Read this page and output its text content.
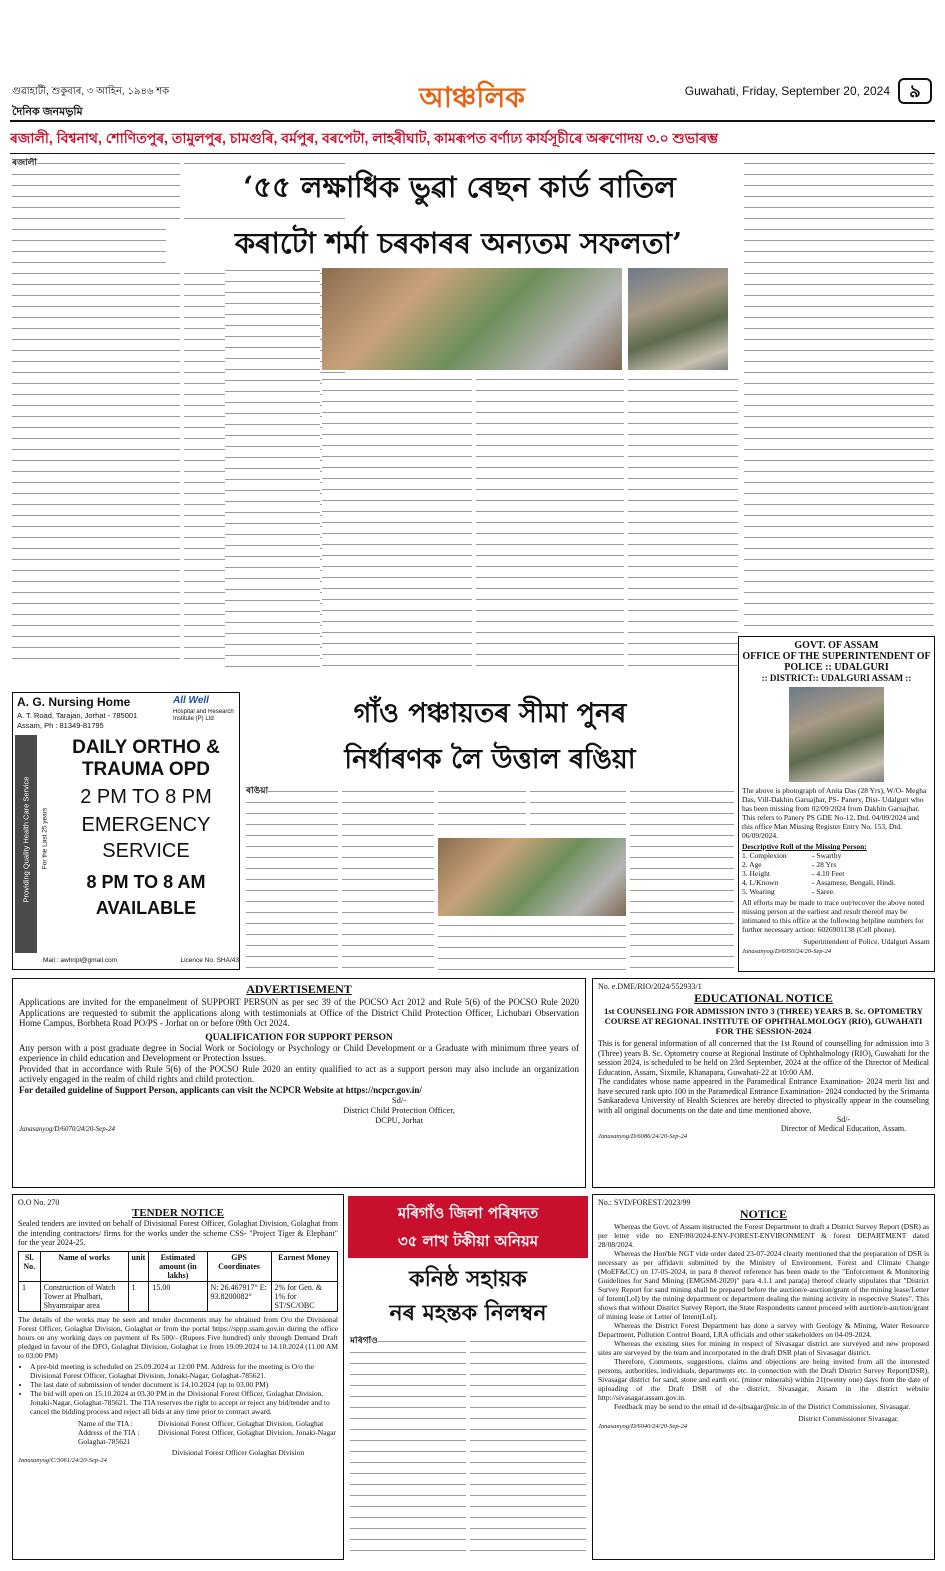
গুৱাহাটী, শুকুবাৰ, ৩ আহিন, ১৯৪৬ শক
দৈনিক জনমভূমি	আঞ্চলিক	Guwahati, Friday, September 20, 2024	৯
ৰজালী, বিশ্বনাথ, শোণিতপুৰ, তামুলপুৰ, চামগুৰি, বৰ্মপুৰ, বৰপেটা, লাহৰীঘাট, কামৰূপত বৰ্ণাঢ্য কাৰ্যসূচীৰে অৰুণোদয় ৩.০ শুভাৰম্ভ
ৰজালী
‘৫৫ লক্ষাধিক ভুৱা ৰেছন কাৰ্ড বাতিল
কৰাটো শৰ্মা চৰকাৰৰ অন্যতম সফলতা’
GOVT. OF ASSAM
OFFICE OF THE SUPERINTENDENT OF POLICE :: UDALGURI
:: DISTRICT:: UDALGURI ASSAM ::
The above is photograph of Anita Das (28 Yrs), W/O- Megha Das, Vill-Dakhin Garuajhar, PS- Panery, Dist- Udalguri who has been missing from 02/09/2024 from Dakhin Garuajhar. This refers to Panery PS GDE No-12, Dtd. 04/09/2024 and this office Man Missing Register Entry No. 153, Dtd. 06/09/2024.
Descriptive Roll of the Missing Person:
1. Complexion	- Swarthy
2. Age	- 28 Yrs
3. Height	- 4.10 Feet
4. L/Known	- Assamese, Bengali, Hindi.
5. Wearing	- Saree.
All efforts may be made to trace out/recover the above noted missing person at the earliest and result thereof may be intimated to this office at the following helpline numbers for further necessary action: 6026901138 (Cell phone).
Superintendent of Police, Udalguri Assam
Janasanyog/D/6050/24/20-Sep-24
A. G. Nursing Home
A. T. Road, Tarajan, Jorhat - 785001
Assam, Ph : 81349-81795
All Well
Hospital and Research Institute (P) Ltd
Providing Quality Health Care Service For the Last 25 years
DAILY ORTHO &
TRAUMA OPD
2 PM TO 8 PM
EMERGENCY
SERVICE
8 PM TO 8 AM
AVAILABLE
Mail : awhripl@gmail.com	Licence No. SHA/43
গাঁও পঞ্চায়তৰ সীমা পুনৰ
নিৰ্ধাৰণক লৈ উত্তাল ৰঙিয়া
ৰঙিয়া
ADVERTISEMENT
Applications are invited for the empanelment of SUPPORT PERSON as per sec 39 of the POCSO Act 2012 and Rule 5(6) of the POCSO Rule 2020 Applications are requested to submit the applications along with testimonials at Office of the District Child Protection Officer, Lichubari Observation Home Campus, Borbheta Road PO/PS - Jorhat on or before 09th Oct 2024.
QUALIFICATION FOR SUPPORT PERSON
Any person with a post graduate degree in Social Work or Sociology or Psychology or Child Development or a Graduate with minimum three years of experience in child education and Development or Protection Issues.
Provided that in accordance with Rule 5(6) of the POCSO Rule 2020 an entity qualified to act as a support person may also include an organization actively engaged in the realm of child rights and child protection.
For detailed guideline of Support Person, applicants can visit the NCPCR Website at https://ncpcr.gov.in/
Sd/-
District Child Protection Officer,
DCPU, Jorhat
Janasanyog/D/6070/24/20-Sep-24
No. e.DME/RIO/2024/552933/1
EDUCATIONAL NOTICE
1st COUNSELING FOR ADMISSION INTO 3 (THREE) YEARS B. Sc. OPTOMETRY COURSE AT REGIONAL INSTITUTE OF OPHTHALMOLOGY (RIO), GUWAHATI FOR THE SESSION-2024
This is for general information of all concerned that the 1st Round of counselling for admission into 3 (Three) years B. Sc. Optometry course at Regional Institute of Ophthalmology (RIO), Guwahati for the session 2024, is scheduled to be held on 23rd September, 2024 at the office of the Director of Medical Education, Assam, Sixmile, Khanapara, Guwahati-22 at 10:00 AM.
The candidates whose name appeared in the Paramedical Entrance Examination- 2024 merit list and have secured rank upto 100 in the Paramedical Entrance Examination- 2024 conducted by the Srimanta Sankaradeva University of Health Sciences are hereby directed to physically appear in the counseling with all original documents on the date and time mentioned above.
Sd/-
Director of Medical Education, Assam.
Janasanyog/D/6086/24/20-Sep-24
O.O No. 270
TENDER NOTICE
Sealed tenders are invited on behalf of Divisional Forest Officer, Golaghat Division, Golaghat from the intending contractors/ firms for the works under the scheme CSS- "Project Tiger & Elephant" for the year 2024-25.
Sl. No.	Name of works	unit	Estimated amount (in lakhs)	GPS Coordinates	Earnest Money
1	Construction of Watch Tower at Phulbari, Shyamraipar area	1	15.00	N: 26.467917° E: 93.8200082°	2% for Gen. & 1% for ST/SC/OBC
The details of the works may be seen and tender documents may be obtained from O/o the Divisional Forest Officer, Golaghat Division, Golaghat or from the portal https://sppp.ssam.gov.in during the office hours on any working days on payment of Rs 500/- (Rupees Five hundred) only through Demand Draft pledged in favour of the DFO, Golaghat Division, Golaghat i.e from 19.09.2024 to 14.10.2024 (11.00 AM to 03.00 PM)
• A pre-bid meeting is scheduled on 25.09.2024 at 12:00 PM. Address for the meeting is O/o the Divisional Forest Officer, Golaghat Division, Jonaki-Nagar, Golaghat-785621.
• The last date of submission of tender document is 14.10.2024 (up to 03.00 PM)
• The bid will open on 15.10.2024 at 03.30 PM in the Divisional Forest Officer, Golaghat Division, Jonaki-Nagar, Golaghat-785621. The TIA reserves the right to accept or reject any bid/tender and to cancel the bidding process and reject all bids at any time prior to contract award.
Name of the TIA :	Divisional Forest Officer, Golaghat Division, Golaghat
Address of the TIA : Divisional Forest Officer, Golaghat Division, Jonaki-Nagar Golaghat-785621
Divisional Forest Officer Golaghat Division
Janasanyog/C/3061/24/20-Sep-24
মৰিগাঁও জিলা পৰিষদত
৩৫ লাখ টকীয়া অনিয়ম
কনিষ্ঠ সহায়ক
নৰ মহন্তক নিলম্বন
মৰিগাঁও
No.: SVD/FOREST/2023/99
NOTICE
Whereas the Govt. of Assam instructed the Forest Department to draft a District Survey Report (DSR) as per letter vide no ENF/80/2024-ENV-FOREST-ENVIRONMENT & forest DEPARTMENT dated 28/08/2024.
Whereas the Hon'ble NGT vide order dated 23-07-2024 clearly mentioned that the preparation of DSR is necessary as per affidavit submitted by the Ministry of Environment, Forest and Climate Change (MoEF&CC) on 17-05-2024, in para 8 thereof reference has been made to the "Enforcement & Monitoring Guidelines for Sand Mining (EMGSM-2020)" para 4.1.1 and para(a) thereof clearly stipulates that "District Survey Report for sand mining shall be prepared before the auction/e-auction/grant of the mining lease/Letter of Intent(LoI) by the mining department or department dealing the mining activity in respective States". This shows that without District Survey Report, the State Respondents cannot proceed with auction/e-auction/grant of mining lease or Letter of Intent(LoI).
Whereas the District Forest Department has done a survey with Geology & Mining, Water Resource Department, Pollution Control Board, LRA officials and other stakeholders on 04-09-2024.
Whereas the existing sites for mining in respect of Sivasagar district are surveyed and new proposed sites are surveyed by the team and incorporated in the draft DSR plan of Sivasagar district.
Therefore, Comments, suggestions, claims and objections are being invited from all the interested persons, authorities, individuals, departments etc. in connection with the Draft District Survey Report(DSR), Sivasagar district for sand, stone and earth etc. (minor minerals) within 21(twenty one) days from the date of uploading of the Draft DSR of the district, Sivasagar, Assam in the district website http://sivasagar.assam.gov.in.
Feedback may be send to the email id de-sibsagar@nic.in of the District Commissioner, Sivasagar.
District Commissioner Sivasagar.
Janasanyog/D/6040/24/20-Sep-24
